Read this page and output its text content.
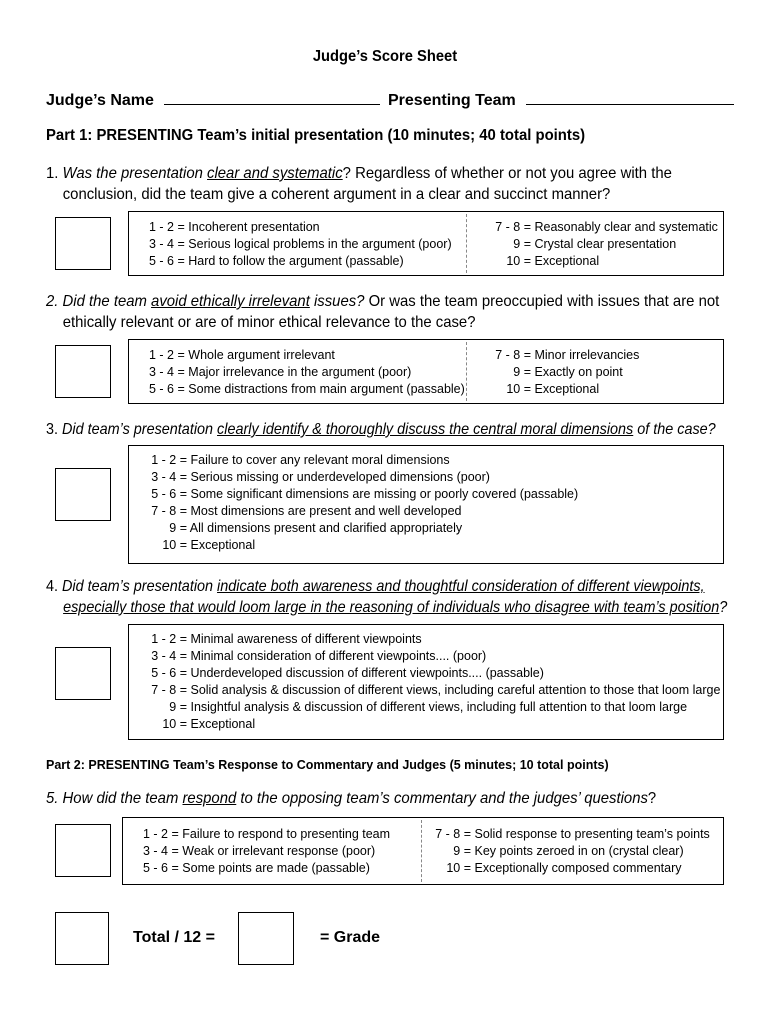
Judge’s Score Sheet
Judge’s Name	Presenting Team
Part 1: PRESENTING Team’s initial presentation (10 minutes; 40 total points)
1. Was the presentation clear and systematic? Regardless of whether or not you agree with the
conclusion, did the team give a coherent argument in a clear and succinct manner?
1 - 2 = Incoherent presentation
3 - 4 = Serious logical problems in the argument (poor)
5 - 6 = Hard to follow the argument (passable)
7 - 8 = Reasonably clear and systematic
9 = Crystal clear presentation
10 = Exceptional
2. Did the team avoid ethically irrelevant issues? Or was the team preoccupied with issues that are not
ethically relevant or are of minor ethical relevance to the case?
1 - 2 = Whole argument irrelevant
3 - 4 = Major irrelevance in the argument (poor)
5 - 6 = Some distractions from main argument (passable)
7 - 8 = Minor irrelevancies
9 = Exactly on point
10 = Exceptional
3. Did team’s presentation clearly identify & thoroughly discuss the central moral dimensions of the case?
1 - 2 = Failure to cover any relevant moral dimensions
3 - 4 = Serious missing or underdeveloped dimensions (poor)
5 - 6 = Some significant dimensions are missing or poorly covered (passable)
7 - 8 = Most dimensions are present and well developed
9 = All dimensions present and clarified appropriately
10 = Exceptional
4. Did team’s presentation indicate both awareness and thoughtful consideration of different viewpoints,
especially those that would loom large in the reasoning of individuals who disagree with team’s position?
1 - 2 = Minimal awareness of different viewpoints
3 - 4 = Minimal consideration of different viewpoints.... (poor)
5 - 6 = Underdeveloped discussion of different viewpoints.... (passable)
7 - 8 = Solid analysis & discussion of different views, including careful attention to those that loom large
9 = Insightful analysis & discussion of different views, including full attention to that loom large
10 = Exceptional
Part 2: PRESENTING Team’s Response to Commentary and Judges (5 minutes; 10 total points)
5. How did the team respond to the opposing team’s commentary and the judges’ questions?
1 - 2 = Failure to respond to presenting team
3 - 4 = Weak or irrelevant response (poor)
5 - 6 = Some points are made (passable)
7 - 8 = Solid response to presenting team’s points
9 = Key points zeroed in on (crystal clear)
10 = Exceptionally composed commentary
Total / 12 =	= Grade
